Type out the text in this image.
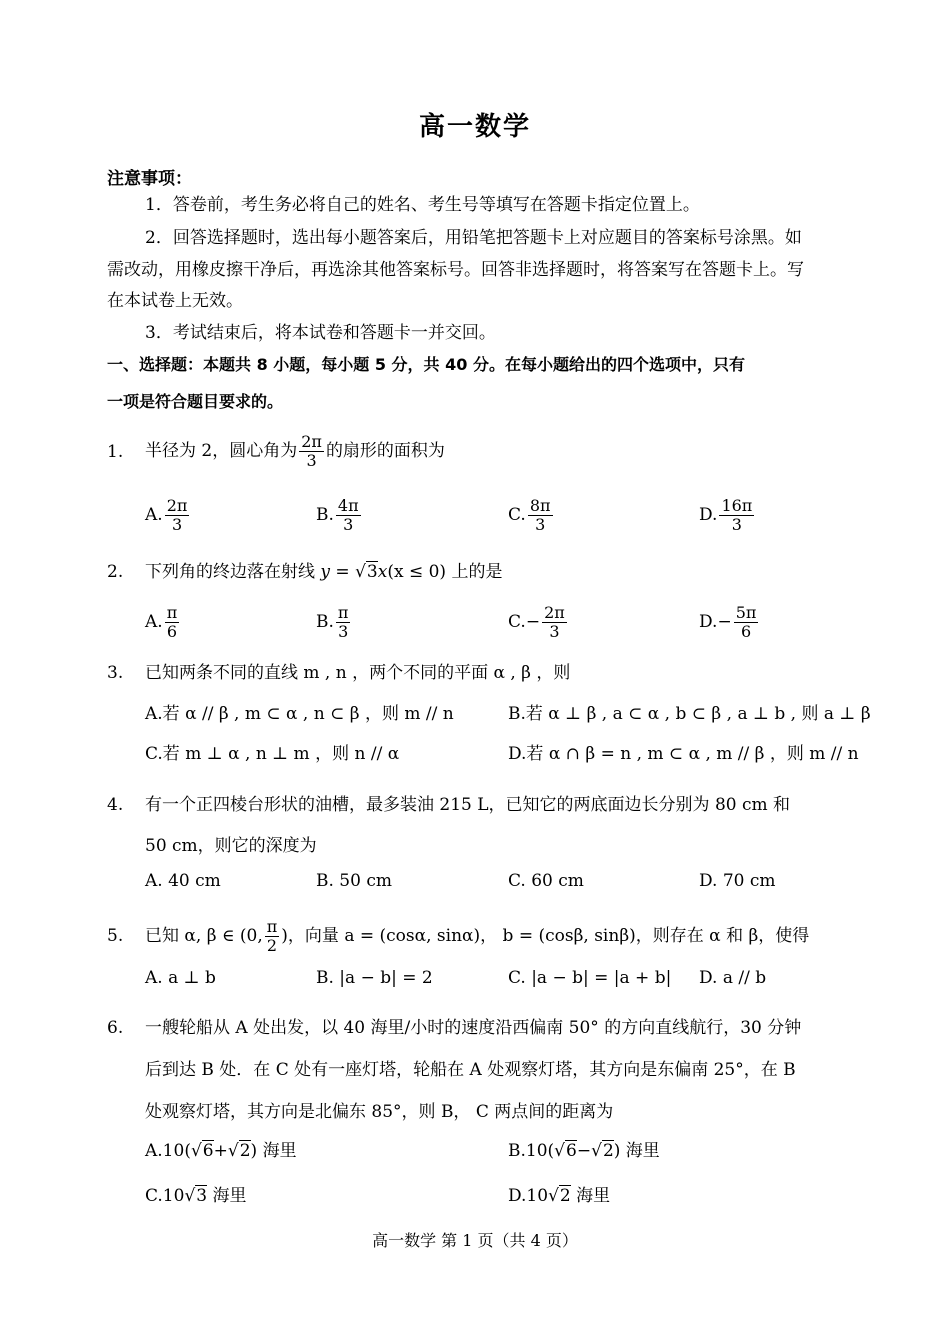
高一数学
注意事项：
1．答卷前，考生务必将自己的姓名、考生号等填写在答题卡指定位置上。
2．回答选择题时，选出每小题答案后，用铅笔把答题卡上对应题目的答案标号涂黑。如
需改动，用橡皮擦干净后，再选涂其他答案标号。回答非选择题时，将答案写在答题卡上。写
在本试卷上无效。
3．考试结束后，将本试卷和答题卡一并交回。
一、选择题：本题共 8 小题，每小题 5 分，共 40 分。在每小题给出的四个选项中，只有
一项是符合题目要求的。
1. 半径为 2，圆心角为 $\frac{2\pi}{3}$ 的扇形的面积为
A. $\frac{2\pi}{3}$	B. $\frac{4\pi}{3}$	C. $\frac{8\pi}{3}$	D. $\frac{16\pi}{3}$
2. 下列角的终边落在射线 y = √3x(x ≤ 0) 上的是
A. $\frac{\pi}{6}$	B. $\frac{\pi}{3}$	C. − $\frac{2\pi}{3}$	D. − $\frac{5\pi}{6}$
3. 已知两条不同的直线 m , n ，两个不同的平面 α , β ，则
A.若 α // β , m ⊂ α , n ⊂ β ，则 m // n	B.若 α ⊥ β , a ⊂ α , b ⊂ β , a ⊥ b , 则 a ⊥ β
C.若 m ⊥ α , n ⊥ m ，则 n // α	D.若 α ∩ β = n , m ⊂ α , m // β ，则 m // n
4. 有一个正四棱台形状的油槽，最多装油 215 L，已知它的两底面边长分别为 80 cm 和
50 cm，则它的深度为
A. 40 cm	B. 50 cm	C. 60 cm	D. 70 cm
5. 已知 α, β ∈ (0, $\frac{\pi}{2}$ )，向量 a = (cosα, sinα)， b = (cosβ, sinβ)，则存在 α 和 β，使得
A. a ⊥ b	B. |a − b| = 2	C. |a − b| = |a + b| D. a // b
6. 一艘轮船从 A 处出发，以 40 海里/小时的速度沿西偏南 50° 的方向直线航行，30 分钟
后到达 B 处．在 C 处有一座灯塔，轮船在 A 处观察灯塔，其方向是东偏南 25°，在 B
处观察灯塔，其方向是北偏东 85°，则 B， C 两点间的距离为
A.10(√6+√2) 海里	B.10(√6−√2) 海里
C.10√3 海里	D.10√2 海里
高一数学 第 1 页（共 4 页）
